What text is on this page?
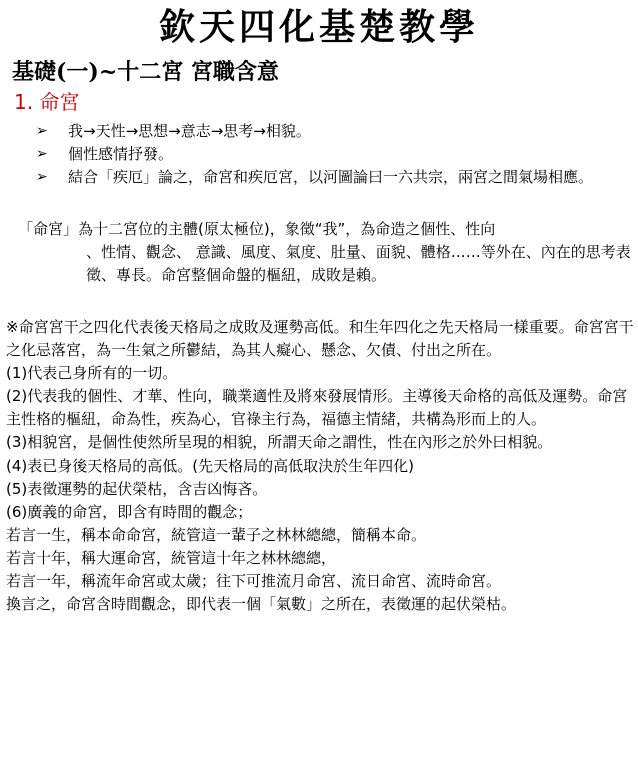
欽天四化基楚教學
基礎(一)~十二宮 宮職含意
1. 命宮
➢ 我→天性→思想→意志→思考→相貌。
➢ 個性感情抒發。
➢ 結合「疾厄」論之，命宮和疾厄宮，以河圖論曰一六共宗，兩宮之間氣場相應。
「命宮」為十二宮位的主體(原太極位)，象徵“我”，為命造之個性、性向
、性情、觀念、 意識、風度、氣度、肚量、面貌、體格……等外在、內在的思考表徵、專長。命宮整個命盤的樞紐，成敗是賴。

※命宮宮干之四化代表後天格局之成敗及運勢高低。和生年四化之先天格局一樣重要。命宮宮干之化忌落宮，為一生氣之所鬱結，為其人癡心、懸念、欠債、付出之所在。

(1)代表己身所有的一切。

(2)代表我的個性、才華、性向，職業適性及將來發展情形。主導後天命格的高低及運勢。命宮主性格的樞紐，命為性，疾為心，官祿主行為，福德主情緒，共構為形而上的人。

(3)相貌宮，是個性使然所呈現的相貌，所謂天命之謂性，性在內形之於外曰相貌。

(4)表已身後天格局的高低。(先天格局的高低取決於生年四化)

(5)表徵運勢的起伏榮枯，含吉凶悔吝。

(6)廣義的命宮，即含有時間的觀念；

若言一生，稱本命命宮，統管這一輩子之林林總總，簡稱本命。

若言十年，稱大運命宮，統管這十年之林林總總，

若言一年，稱流年命宮或太歲；往下可推流月命宮、流日命宮、流時命宮。

換言之，命宮含時間觀念，即代表一個「氣數」之所在，表徵運的起伏榮枯。
